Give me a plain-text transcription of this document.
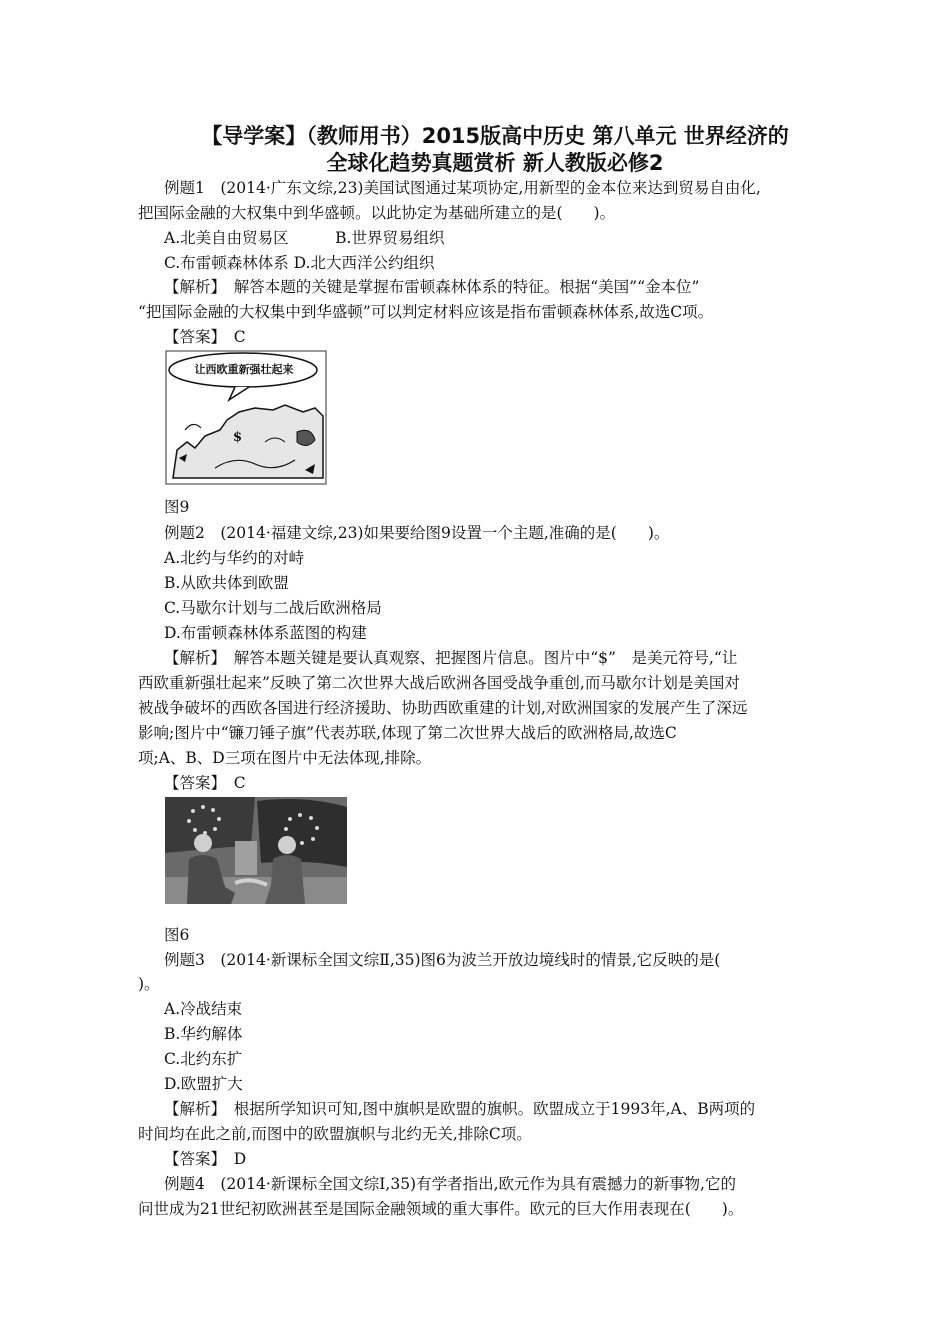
【导学案】（教师用书）2015版高中历史 第八单元 世界经济的
全球化趋势真题赏析 新人教版必修2
例题1　(2014·广东文综,23)美国试图通过某项协定,用新型的金本位来达到贸易自由化,
把国际金融的大权集中到华盛顿。以此协定为基础所建立的是(　　)。
A.北美自由贸易区　　　B.世界贸易组织
C.布雷顿森林体系 D.北大西洋公约组织
【解析】　解答本题的关键是掌握布雷顿森林体系的特征。根据“美国”“金本位”
“把国际金融的大权集中到华盛顿”可以判定材料应该是指布雷顿森林体系,故选C项。
【答案】　C
让西欧重新强壮起来
$
图9
例题2　(2014·福建文综,23)如果要给图9设置一个主题,准确的是(　　)。
A.北约与华约的对峙
B.从欧共体到欧盟
C.马歇尔计划与二战后欧洲格局
D.布雷顿森林体系蓝图的构建
【解析】　解答本题关键是要认真观察、把握图片信息。图片中“$”　是美元符号,“让
西欧重新强壮起来”反映了第二次世界大战后欧洲各国受战争重创,而马歇尔计划是美国对
被战争破坏的西欧各国进行经济援助、协助西欧重建的计划,对欧洲国家的发展产生了深远
影响;图片中“镰刀锤子旗”代表苏联,体现了第二次世界大战后的欧洲格局,故选C
项;A、B、D三项在图片中无法体现,排除。
【答案】　C
图6
例题3　(2014·新课标全国文综Ⅱ,35)图6为波兰开放边境线时的情景,它反映的是(
)。
A.冷战结束
B.华约解体
C.北约东扩
D.欧盟扩大
【解析】　根据所学知识可知,图中旗帜是欧盟的旗帜。欧盟成立于1993年,A、B两项的
时间均在此之前,而图中的欧盟旗帜与北约无关,排除C项。
【答案】　D
例题4　(2014·新课标全国文综Ⅰ,35)有学者指出,欧元作为具有震撼力的新事物,它的
问世成为21世纪初欧洲甚至是国际金融领域的重大事件。欧元的巨大作用表现在(　　)。
